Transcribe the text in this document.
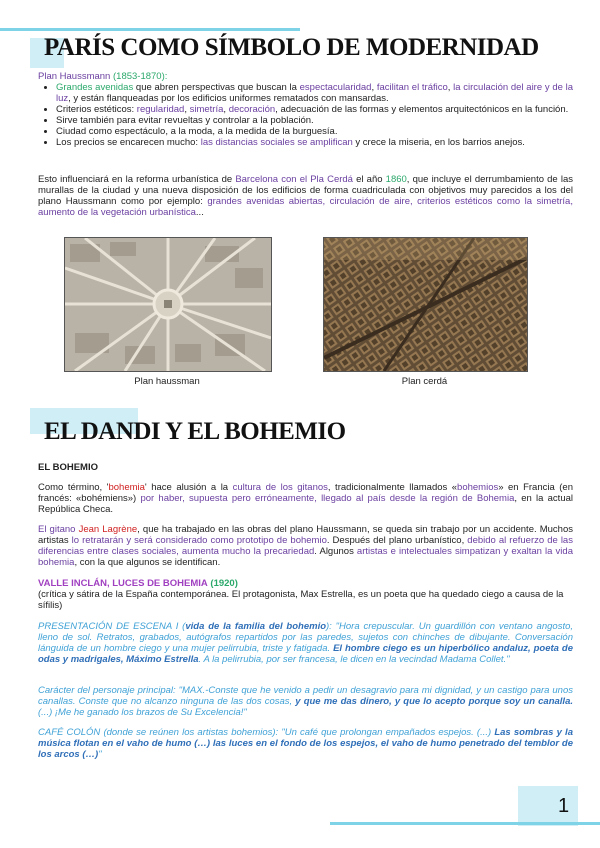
PARÍS COMO SÍMBOLO DE MODERNIDAD
Plan Haussmann (1853-1870):
• Grandes avenidas que abren perspectivas que buscan la espectacularidad, facilitan el tráfico, la circulación del aire y de la luz, y están flanqueadas por los edificios uniformes rematados con mansardas.
• Criterios estéticos: regularidad, simetría, decoración, adecuación de las formas y elementos arquitectónicos en la función.
• Sirve también para evitar revueltas y controlar a la población.
• Ciudad como espectáculo, a la moda, a la medida de la burguesía.
• Los precios se encarecen mucho: las distancias sociales se amplifican y crece la miseria, en los barrios anejos.
Esto influenciará en la reforma urbanística de Barcelona con el Pla Cerdá el año 1860, que incluye el derrumbamiento de las murallas de la ciudad y una nueva disposición de los edificios de forma cuadriculada con objetivos muy parecidos a los del plano Haussmann como por ejemplo: grandes avenidas abiertas, circulación de aire, criterios estéticos como la simetría, aumento de la vegetación urbanística...
Plan haussman	Plan cerdá
EL DANDI Y EL BOHEMIO
EL BOHEMIO
Como término, 'bohemia' hace alusión a la cultura de los gitanos, tradicionalmente llamados «bohemios» en Francia (en francés: «bohémiens») por haber, supuesta pero erróneamente, llegado al país desde la región de Bohemia, en la actual República Checa.
El gitano Jean Lagrène, que ha trabajado en las obras del plano Haussmann, se queda sin trabajo por un accidente. Muchos artistas lo retratarán y será considerado como prototipo de bohemio. Después del plano urbanístico, debido al refuerzo de las diferencias entre clases sociales, aumenta mucho la precariedad. Algunos artistas e intelectuales simpatizan y exaltan la vida bohemia, con la que algunos se identifican.
VALLE INCLÁN, LUCES DE BOHEMIA (1920)
(crítica y sátira de la España contemporánea. El protagonista, Max Estrella, es un poeta que ha quedado ciego a causa de la sífilis)
PRESENTACIÓN DE ESCENA I (vida de la familia del bohemio): "Hora crepuscular. Un guardillón con ventano angosto, lleno de sol. Retratos, grabados, autógrafos repartidos por las paredes, sujetos con chinches de dibujante. Conversación lánguida de un hombre ciego y una mujer pelirrubia, triste y fatigada. El hombre ciego es un hiperbólico andaluz, poeta de odas y madrigales, Máximo Estrella. A la pelirrubia, por ser francesa, le dicen en la vecindad Madama Collet."
Carácter del personaje principal: "MAX.-Conste que he venido a pedir un desagravio para mi dignidad, y un castigo para unos canallas. Conste que no alcanzo ninguna de las dos cosas, y que me das dinero, y que lo acepto porque soy un canalla. (...) ¡Me he ganado los brazos de Su Excelencia!"
CAFÉ COLÓN (donde se reúnen los artistas bohemios): "Un café que prolongan empañados espejos. (...) Las sombras y la música flotan en el vaho de humo (…) las luces en el fondo de los espejos, el vaho de humo penetrado del temblor de los arcos (…)"
1
